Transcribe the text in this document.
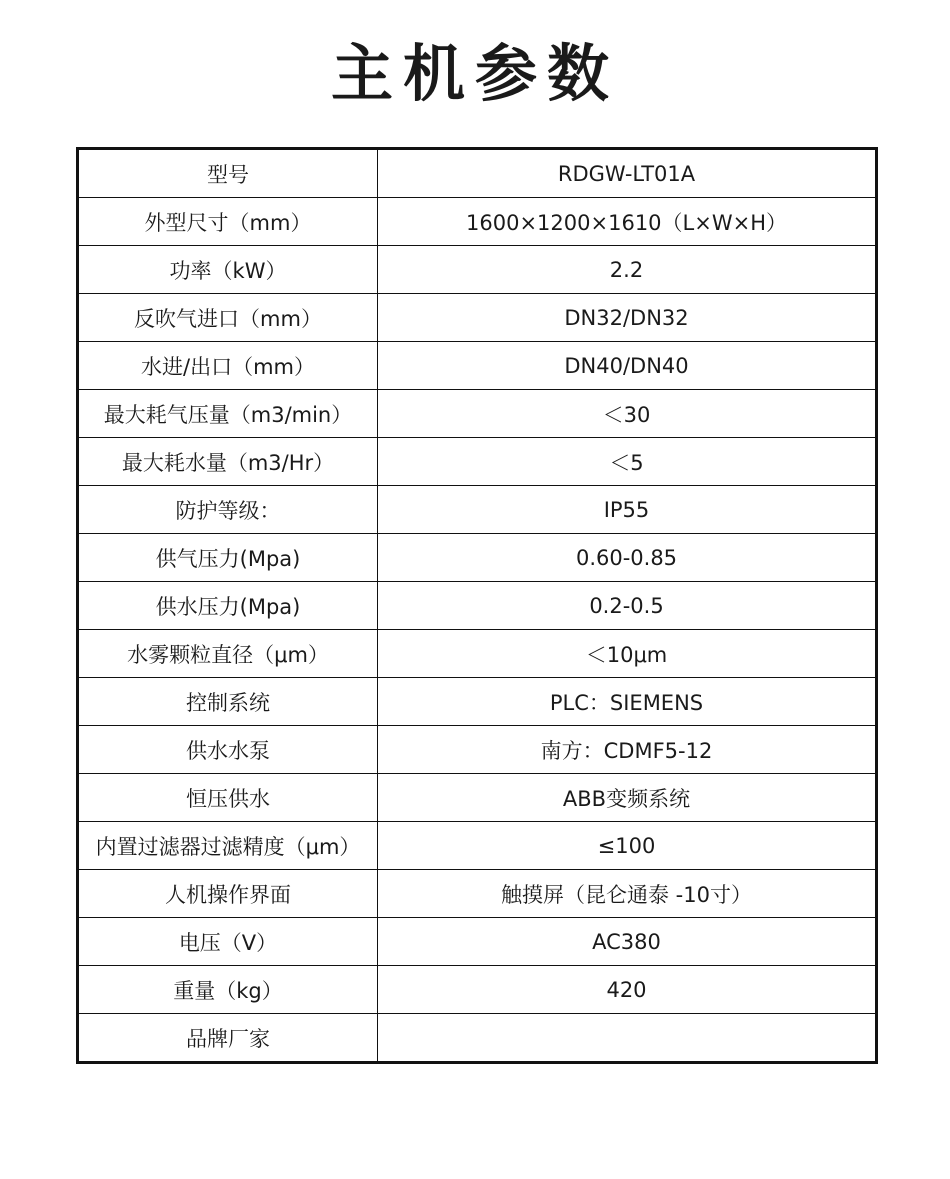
主机参数
型号	RDGW-LT01A
外型尺寸（mm）	1600×1200×1610（L×W×H）
功率（kW）	2.2
反吹气进口（mm）	DN32/DN32
水进/出口（mm）	DN40/DN40
最大耗气压量（m3/min）	＜30
最大耗水量（m3/Hr）	＜5
防护等级：	IP55
供气压力(Mpa)	0.60-0.85
供水压力(Mpa)	0.2-0.5
水雾颗粒直径（μm）	＜10μm
控制系统	PLC：SIEMENS
供水水泵	南方：CDMF5-12
恒压供水	ABB变频系统
内置过滤器过滤精度（μm）	≤100
人机操作界面	触摸屏（昆仑通泰 -10寸）
电压（V）	AC380
重量（kg）	420
品牌厂家	
